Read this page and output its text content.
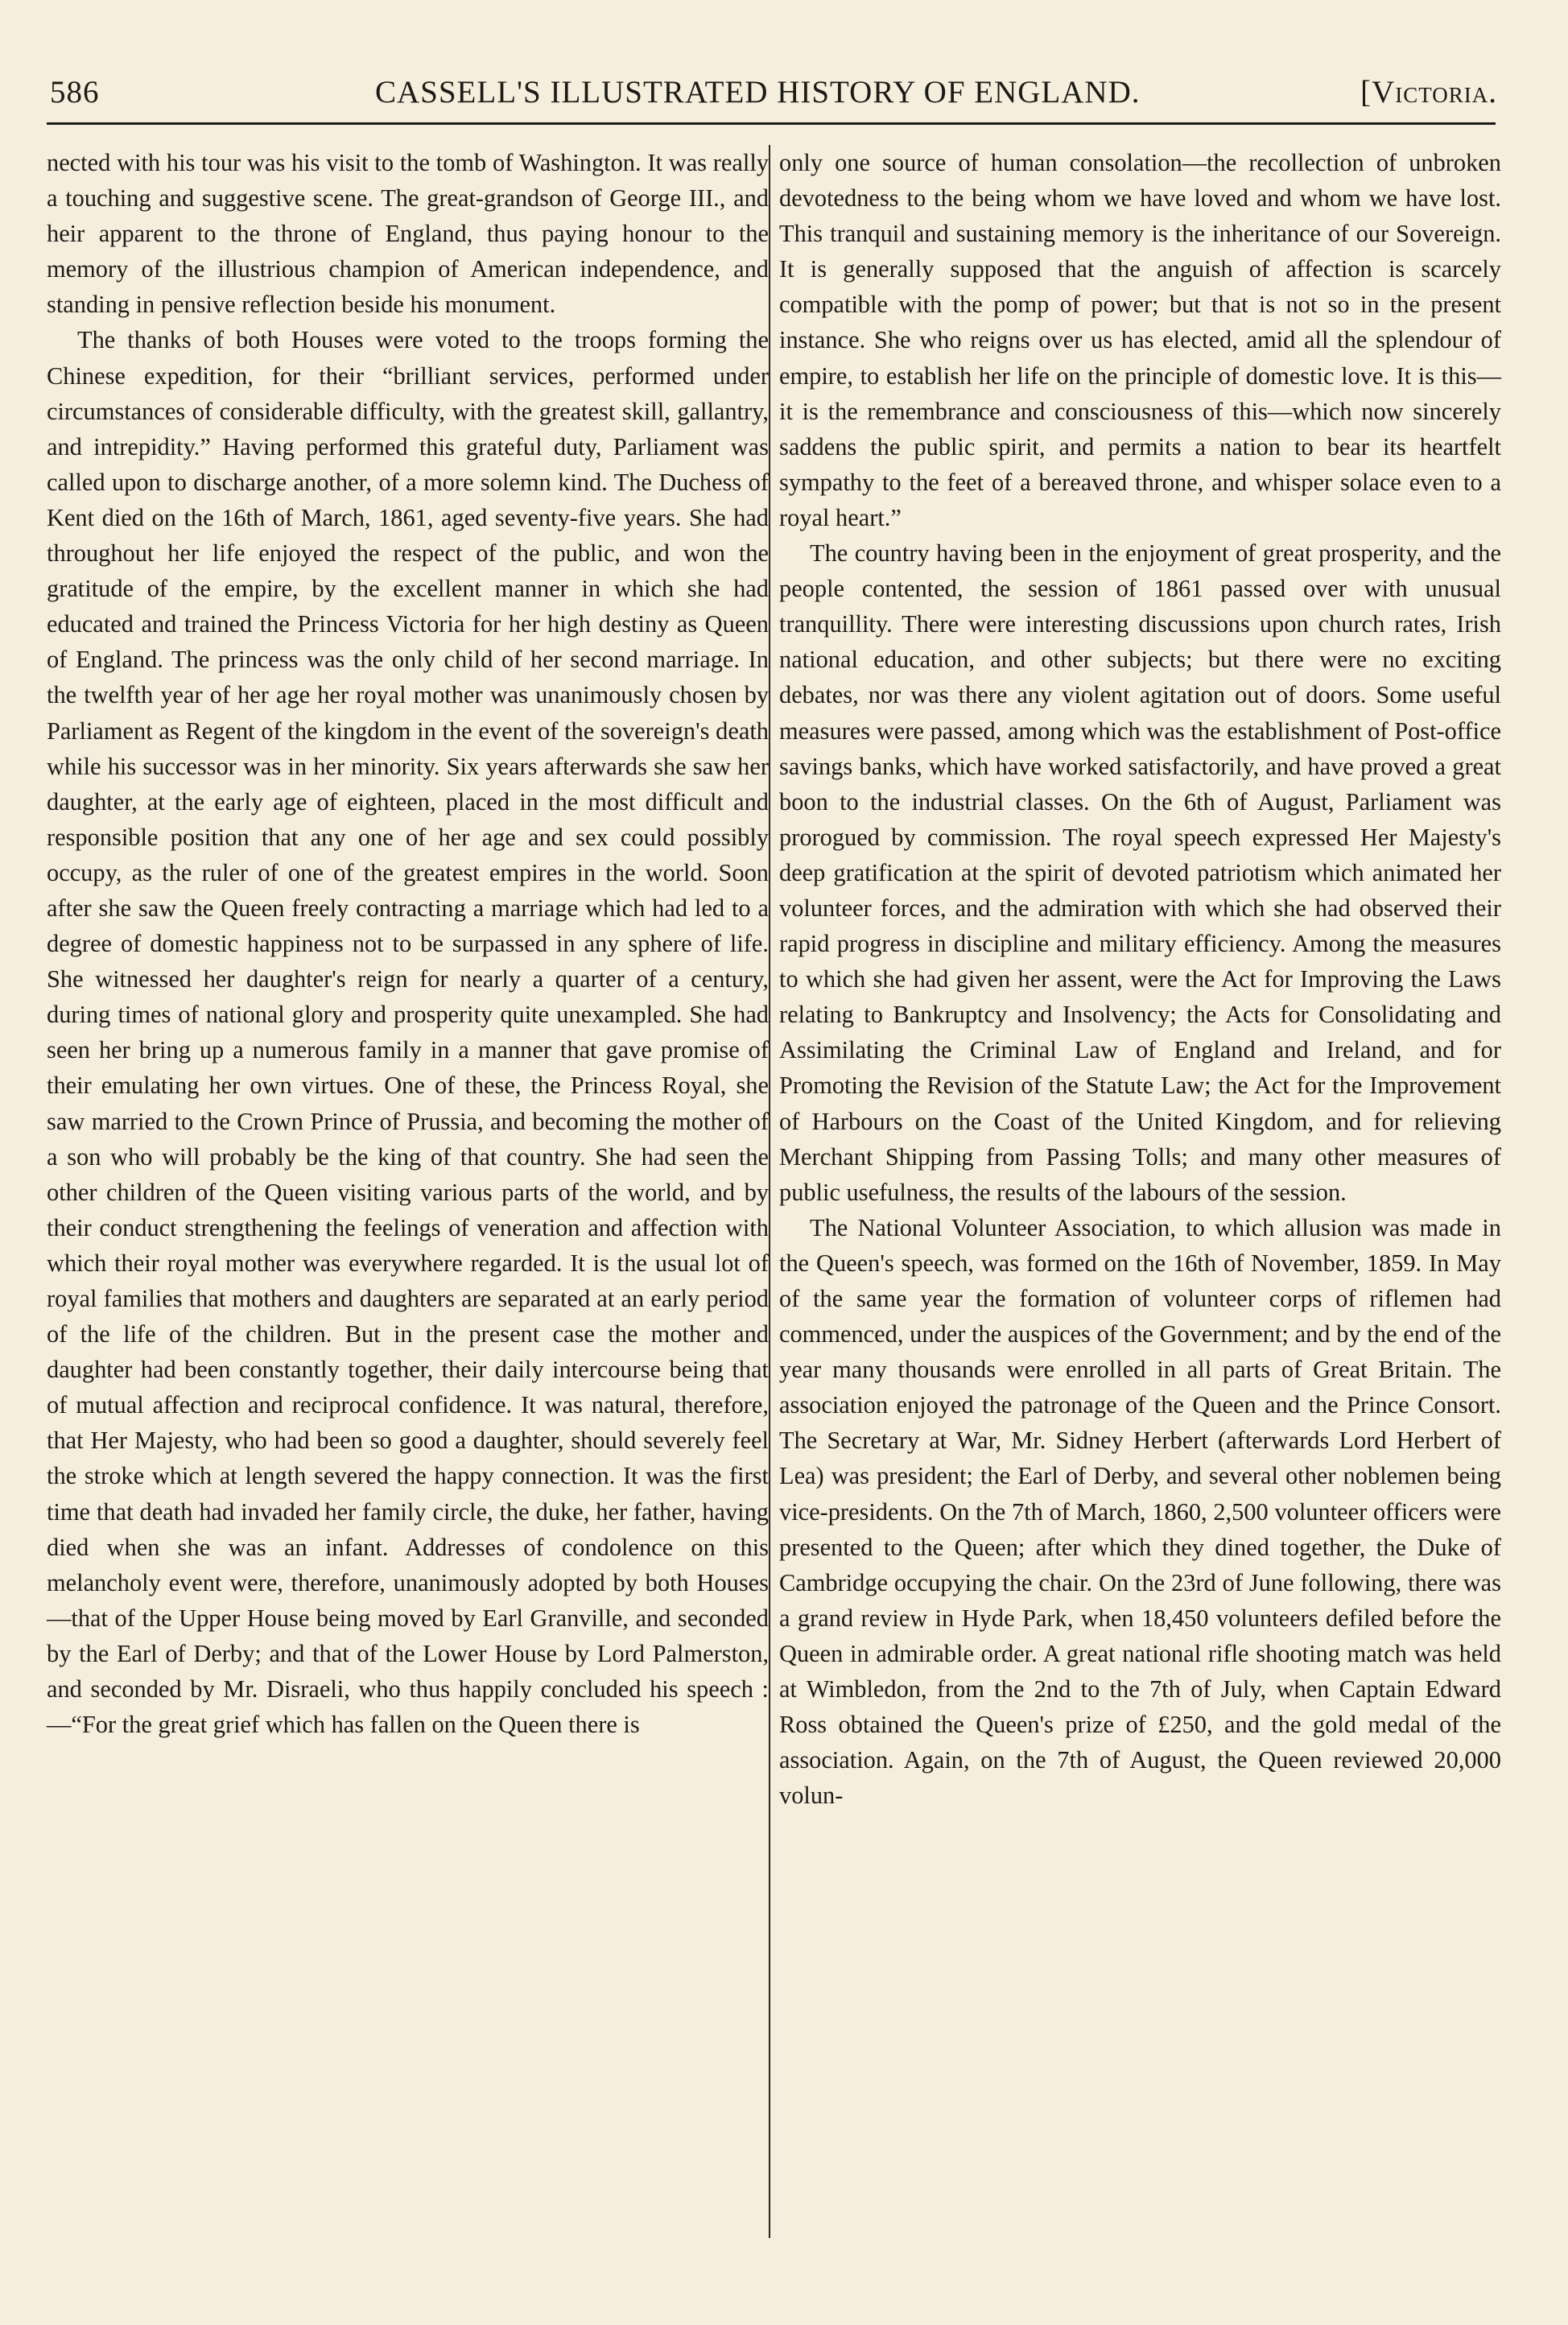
586	CASSELL'S ILLUSTRATED HISTORY OF ENGLAND.	[Victoria.

nected with his tour was his visit to the tomb of Washington. It was really a touching and suggestive scene. The great-grandson of George III., and heir apparent to the throne of England, thus paying honour to the memory of the illustrious champion of American independence, and standing in pensive reflection beside his monument.

The thanks of both Houses were voted to the troops forming the Chinese expedition, for their “brilliant services, performed under circumstances of considerable difficulty, with the greatest skill, gallantry, and intrepidity.” Having performed this grateful duty, Parliament was called upon to discharge another, of a more solemn kind. The Duchess of Kent died on the 16th of March, 1861, aged seventy-five years. She had throughout her life enjoyed the respect of the public, and won the gratitude of the empire, by the excellent manner in which she had educated and trained the Princess Victoria for her high destiny as Queen of England. The princess was the only child of her second marriage. In the twelfth year of her age her royal mother was unanimously chosen by Parliament as Regent of the kingdom in the event of the sovereign's death while his successor was in her minority. Six years afterwards she saw her daughter, at the early age of eighteen, placed in the most difficult and responsible position that any one of her age and sex could possibly occupy, as the ruler of one of the greatest empires in the world. Soon after she saw the Queen freely contracting a marriage which had led to a degree of domestic happiness not to be surpassed in any sphere of life. She witnessed her daughter's reign for nearly a quarter of a century, during times of national glory and prosperity quite unexampled. She had seen her bring up a numerous family in a manner that gave promise of their emulating her own virtues. One of these, the Princess Royal, she saw married to the Crown Prince of Prussia, and becoming the mother of a son who will probably be the king of that country. She had seen the other children of the Queen visiting various parts of the world, and by their conduct strengthening the feelings of veneration and affection with which their royal mother was everywhere regarded. It is the usual lot of royal families that mothers and daughters are separated at an early period of the life of the children. But in the present case the mother and daughter had been constantly together, their daily intercourse being that of mutual affection and reciprocal confidence. It was natural, therefore, that Her Majesty, who had been so good a daughter, should severely feel the stroke which at length severed the happy connection. It was the first time that death had invaded her family circle, the duke, her father, having died when she was an infant. Addresses of condolence on this melancholy event were, therefore, unanimously adopted by both Houses—that of the Upper House being moved by Earl Granville, and seconded by the Earl of Derby; and that of the Lower House by Lord Palmerston, and seconded by Mr. Disraeli, who thus happily concluded his speech :—“For the great grief which has fallen on the Queen there is

only one source of human consolation—the recollection of unbroken devotedness to the being whom we have loved and whom we have lost. This tranquil and sustaining memory is the inheritance of our Sovereign. It is generally supposed that the anguish of affection is scarcely compatible with the pomp of power; but that is not so in the present instance. She who reigns over us has elected, amid all the splendour of empire, to establish her life on the principle of domestic love. It is this—it is the remembrance and consciousness of this—which now sincerely saddens the public spirit, and permits a nation to bear its heartfelt sympathy to the feet of a bereaved throne, and whisper solace even to a royal heart.”

The country having been in the enjoyment of great prosperity, and the people contented, the session of 1861 passed over with unusual tranquillity. There were interesting discussions upon church rates, Irish national education, and other subjects; but there were no exciting debates, nor was there any violent agitation out of doors. Some useful measures were passed, among which was the establishment of Post-office savings banks, which have worked satisfactorily, and have proved a great boon to the industrial classes. On the 6th of August, Parliament was prorogued by commission. The royal speech expressed Her Majesty's deep gratification at the spirit of devoted patriotism which animated her volunteer forces, and the admiration with which she had observed their rapid progress in discipline and military efficiency. Among the measures to which she had given her assent, were the Act for Improving the Laws relating to Bankruptcy and Insolvency; the Acts for Consolidating and Assimilating the Criminal Law of England and Ireland, and for Promoting the Revision of the Statute Law; the Act for the Improvement of Harbours on the Coast of the United Kingdom, and for relieving Merchant Shipping from Passing Tolls; and many other measures of public usefulness, the results of the labours of the session.

The National Volunteer Association, to which allusion was made in the Queen's speech, was formed on the 16th of November, 1859. In May of the same year the formation of volunteer corps of riflemen had commenced, under the auspices of the Government; and by the end of the year many thousands were enrolled in all parts of Great Britain. The association enjoyed the patronage of the Queen and the Prince Consort. The Secretary at War, Mr. Sidney Herbert (afterwards Lord Herbert of Lea) was president; the Earl of Derby, and several other noblemen being vice-presidents. On the 7th of March, 1860, 2,500 volunteer officers were presented to the Queen; after which they dined together, the Duke of Cambridge occupying the chair. On the 23rd of June following, there was a grand review in Hyde Park, when 18,450 volunteers defiled before the Queen in admirable order. A great national rifle shooting match was held at Wimbledon, from the 2nd to the 7th of July, when Captain Edward Ross obtained the Queen's prize of £250, and the gold medal of the association. Again, on the 7th of August, the Queen reviewed 20,000 volun-
